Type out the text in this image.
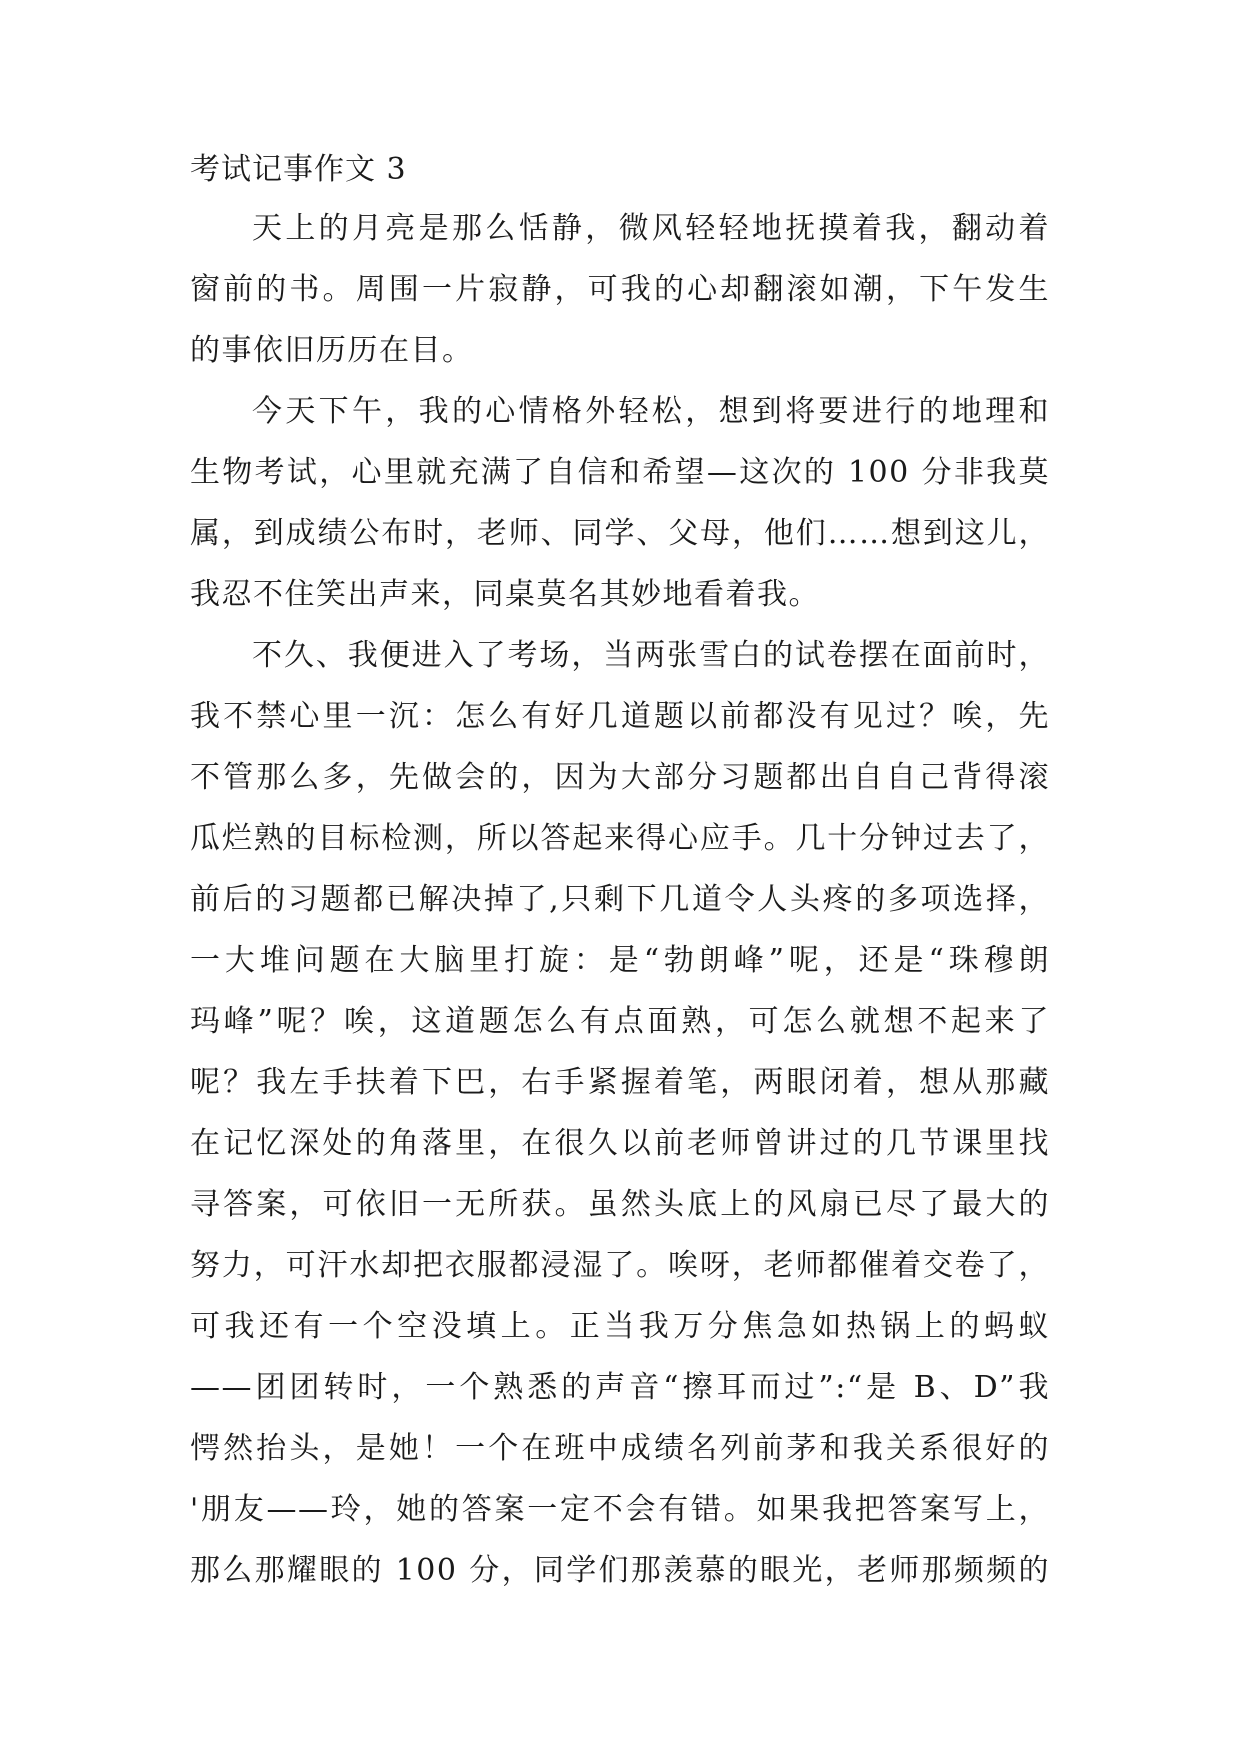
考试记事作文 3
天上的月亮是那么恬静，微风轻轻地抚摸着我，翻动着
窗前的书。周围一片寂静，可我的心却翻滚如潮，下午发生
的事依旧历历在目。
今天下午，我的心情格外轻松，想到将要进行的地理和
生物考试，心里就充满了自信和希望—这次的 100 分非我莫
属，到成绩公布时，老师、同学、父母，他们……想到这儿，
我忍不住笑出声来，同桌莫名其妙地看着我。
不久、我便进入了考场，当两张雪白的试卷摆在面前时，
我不禁心里一沉：怎么有好几道题以前都没有见过？唉，先
不管那么多，先做会的，因为大部分习题都出自自己背得滚
瓜烂熟的目标检测，所以答起来得心应手。几十分钟过去了，
前后的习题都已解决掉了,只剩下几道令人头疼的多项选择，
一大堆问题在大脑里打旋：是“勃朗峰”呢，还是“珠穆朗
玛峰”呢？唉，这道题怎么有点面熟，可怎么就想不起来了
呢？我左手扶着下巴，右手紧握着笔，两眼闭着，想从那藏
在记忆深处的角落里，在很久以前老师曾讲过的几节课里找
寻答案，可依旧一无所获。虽然头底上的风扇已尽了最大的
努力，可汗水却把衣服都浸湿了。唉呀，老师都催着交卷了，
可我还有一个空没填上。正当我万分焦急如热锅上的蚂蚁
——团团转时，一个熟悉的声音“擦耳而过”:“是 B、D”我
愕然抬头，是她！一个在班中成绩名列前茅和我关系很好的
'朋友——玲，她的答案一定不会有错。如果我把答案写上，
那么那耀眼的 100 分，同学们那羡慕的眼光，老师那频频的
